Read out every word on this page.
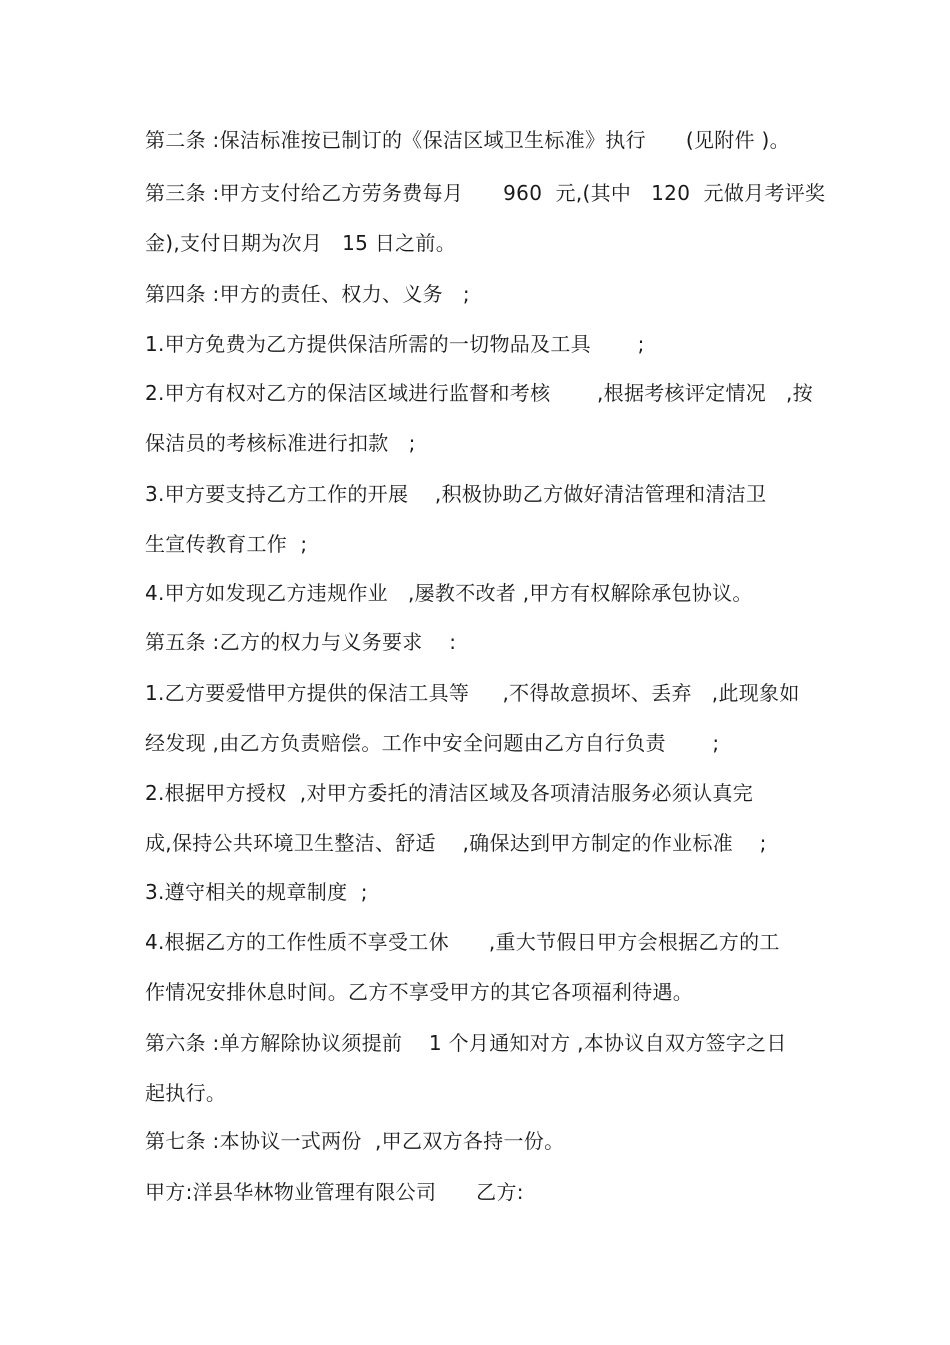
第二条 :保洁标准按已制订的《保洁区域卫生标准》执行      (见附件 )。
第三条 :甲方支付给乙方劳务费每月      960  元,(其中   120  元做月考评奖
金),支付日期为次月   15 日之前。
第四条 :甲方的责任、权力、义务   ;
1.甲方免费为乙方提供保洁所需的一切物品及工具       ;
2.甲方有权对乙方的保洁区域进行监督和考核       ,根据考核评定情况   ,按
保洁员的考核标准进行扣款   ;
3.甲方要支持乙方工作的开展    ,积极协助乙方做好清洁管理和清洁卫
生宣传教育工作  ;
4.甲方如发现乙方违规作业   ,屡教不改者 ,甲方有权解除承包协议。
第五条 :乙方的权力与义务要求    :
1.乙方要爱惜甲方提供的保洁工具等     ,不得故意损坏、丢弃   ,此现象如
经发现 ,由乙方负责赔偿。工作中安全问题由乙方自行负责       ;
2.根据甲方授权  ,对甲方委托的清洁区域及各项清洁服务必须认真完
成,保持公共环境卫生整洁、舒适    ,确保达到甲方制定的作业标准    ;
3.遵守相关的规章制度  ;
4.根据乙方的工作性质不享受工休      ,重大节假日甲方会根据乙方的工
作情况安排休息时间。乙方不享受甲方的其它各项福利待遇。
第六条 :单方解除协议须提前    1 个月通知对方 ,本协议自双方签字之日
起执行。
第七条 :本协议一式两份  ,甲乙双方各持一份。
甲方:洋县华林物业管理有限公司      乙方:
